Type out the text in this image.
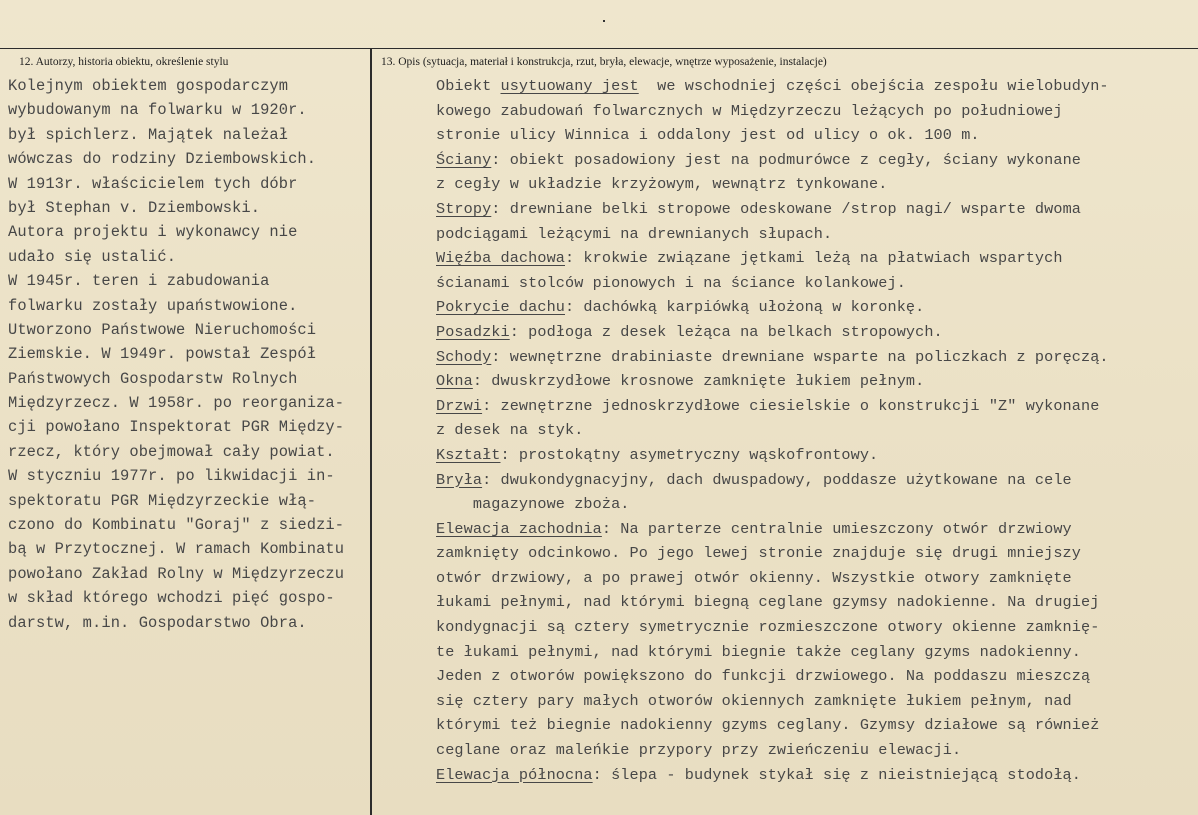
12. Autorzy, historia obiektu, określenie stylu	13. Opis (sytuacja, materiał i konstrukcja, rzut, bryła, elewacje, wnętrze wyposażenie, instalacje)
Kolejnym obiektem gospodarczym
wybudowanym na folwarku w 1920r.
był spichlerz. Majątek należał
wówczas do rodziny Dziembowskich.
W 1913r. właścicielem tych dóbr
był Stephan v. Dziembowski.
Autora projektu i wykonawcy nie
udało się ustalić.
W 1945r. teren i zabudowania
folwarku zostały upaństwowione.
Utworzono Państwowe Nieruchomości
Ziemskie. W 1949r. powstał Zespół
Państwowych Gospodarstw Rolnych
Międzyrzecz. W 1958r. po reorganiza-
cji powołano Inspektorat PGR Między-
rzecz, który obejmował cały powiat.
W styczniu 1977r. po likwidacji in-
spektoratu PGR Międzyrzeckie włą-
czono do Kombinatu "Goraj" z siedzi-
bą w Przytocznej. W ramach Kombinatu
powołano Zakład Rolny w Międzyrzeczu
w skład którego wchodzi pięć gospo-
darstw, m.in. Gospodarstwo Obra.
Obiekt usytuowany jest  we wschodniej części obejścia zespołu wielobudyn-
kowego zabudowań folwarcznych w Międzyrzeczu leżących po południowej
stronie ulicy Winnica i oddalony jest od ulicy o ok. 100 m.
Ściany: obiekt posadowiony jest na podmurówce z cegły, ściany wykonane
z cegły w układzie krzyżowym, wewnątrz tynkowane.
Stropy: drewniane belki stropowe odeskowane /strop nagi/ wsparte dwoma
podciągami leżącymi na drewnianych słupach.
Więźba dachowa: krokwie związane jętkami leżą na płatwiach wspartych
ścianami stolców pionowych i na ściance kolankowej.
Pokrycie dachu: dachówką karpiówką ułożoną w koronkę.
Posadzki: podłoga z desek leżąca na belkach stropowych.
Schody: wewnętrzne drabiniaste drewniane wsparte na policzkach z poręczą.
Okna: dwuskrzydłowe krosnowe zamknięte łukiem pełnym.
Drzwi: zewnętrzne jednoskrzydłowe ciesielskie o konstrukcji "Z" wykonane
z desek na styk.
Kształt: prostokątny asymetryczny wąskofrontowy.
Bryła: dwukondygnacyjny, dach dwuspadowy, poddasze użytkowane na cele
magazynowe zboża.
Elewacja zachodnia: Na parterze centralnie umieszczony otwór drzwiowy
zamknięty odcinkowo. Po jego lewej stronie znajduje się drugi mniejszy
otwór drzwiowy, a po prawej otwór okienny. Wszystkie otwory zamknięte
łukami pełnymi, nad którymi biegną ceglane gzymsy nadokienne. Na drugiej
kondygnacji są cztery symetrycznie rozmieszczone otwory okienne zamknię-
te łukami pełnymi, nad którymi biegnie także ceglany gzyms nadokienny.
Jeden z otworów powiększono do funkcji drzwiowego. Na poddaszu mieszczą
się cztery pary małych otworów okiennych zamknięte łukiem pełnym, nad
którymi też biegnie nadokienny gzyms ceglany. Gzymsy działowe są również
ceglane oraz maleńkie przypory przy zwieńczeniu elewacji.
Elewacja północna: ślepa - budynek stykał się z nieistniejącą stodołą.
